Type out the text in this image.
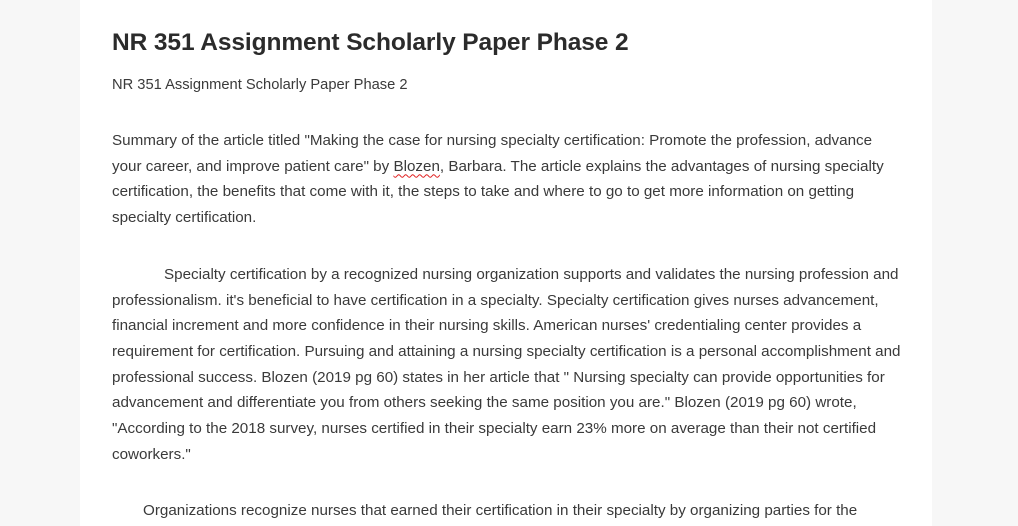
NR 351 Assignment Scholarly Paper Phase 2

NR 351 Assignment Scholarly Paper Phase 2

Summary of the article titled "Making the case for nursing specialty certification: Promote the profession, advance your career, and improve patient care" by Blozen, Barbara. The article explains the advantages of nursing specialty certification, the benefits that come with it, the steps to take and where to go to get more information on getting specialty certification.

Specialty certification by a recognized nursing organization supports and validates the nursing profession and professionalism. it's beneficial to have certification in a specialty. Specialty certification gives nurses advancement, financial increment and more confidence in their nursing skills. American nurses' credentialing center provides a requirement for certification. Pursuing and attaining a nursing specialty certification is a personal accomplishment and professional success. Blozen (2019 pg 60) states in her article that " Nursing specialty can provide opportunities for advancement and differentiate you from others seeking the same position you are." Blozen (2019 pg 60) wrote, "According to the 2018 survey, nurses certified in their specialty earn 23% more on average than their not certified coworkers."

Organizations recognize nurses that earned their certification in their specialty by organizing parties for the
